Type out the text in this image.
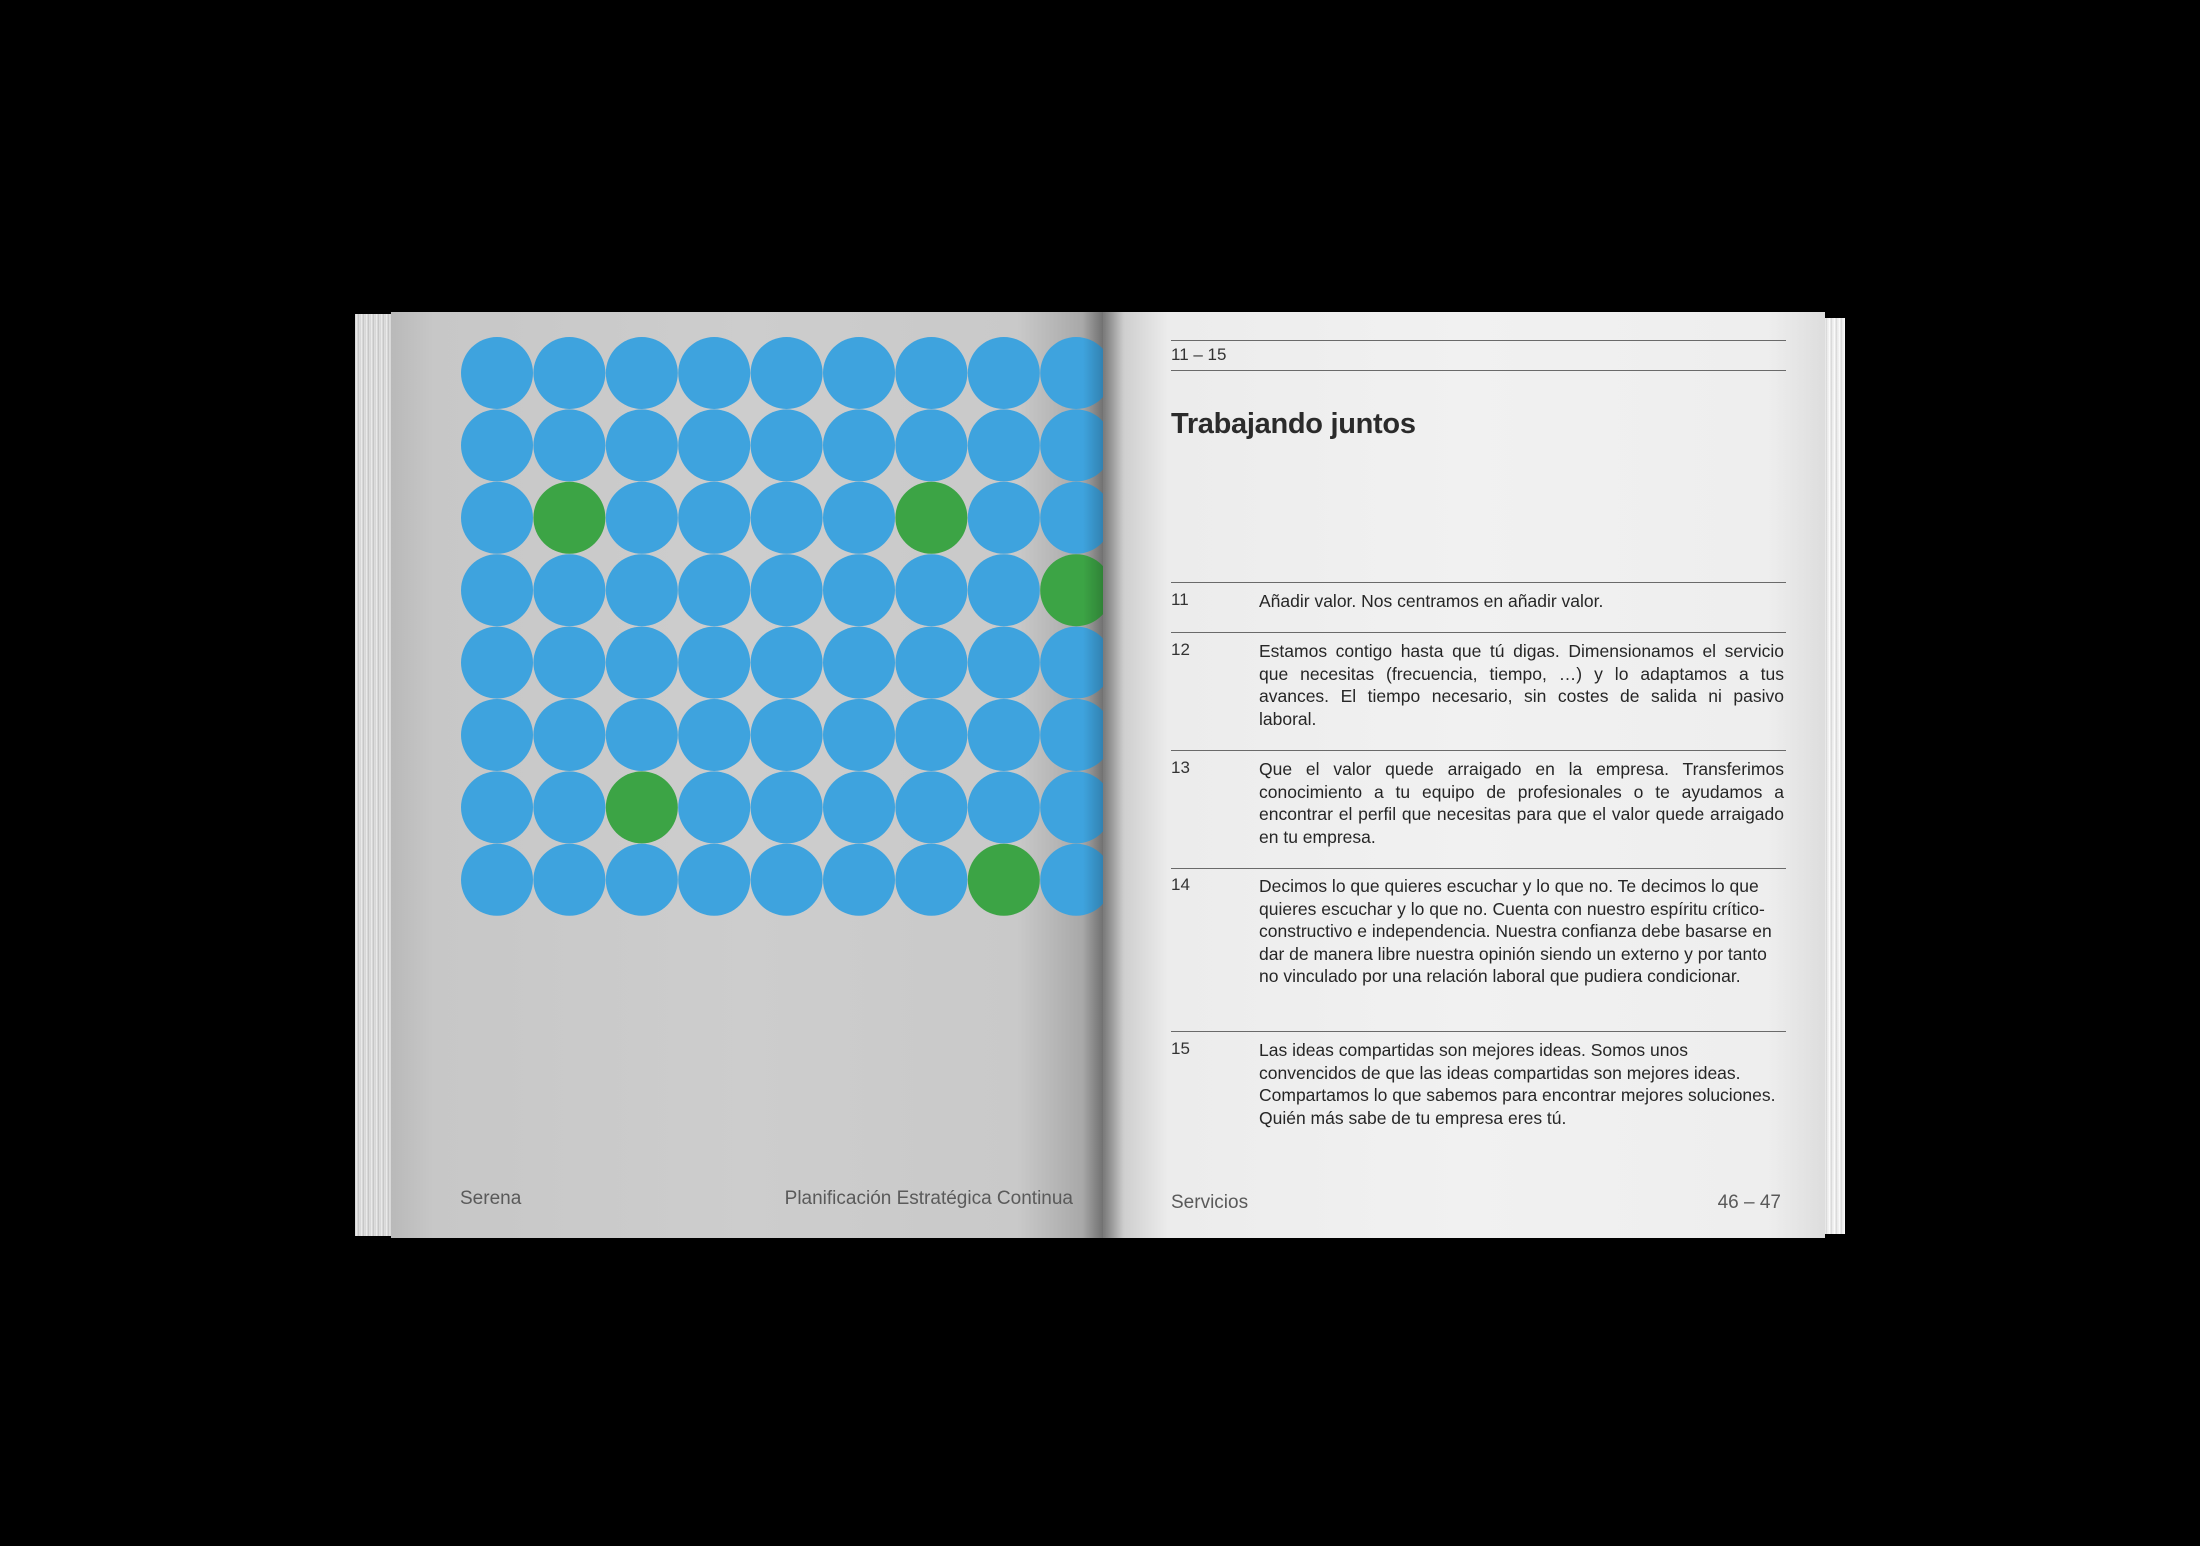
Serena	Planificación Estratégica Continua
11 – 15
Trabajando juntos
11	Añadir valor. Nos centramos en añadir valor.
12	Estamos contigo hasta que tú digas. Dimensionamos el servicio que necesitas (frecuencia, tiempo, …) y lo adaptamos a tus avances. El tiempo necesario, sin costes de salida ni pasivo laboral.
13	Que el valor quede arraigado en la empresa. Transferimos conocimiento a tu equipo de profesionales o te ayudamos a encontrar el perfil que necesitas para que el valor quede arraigado en tu empresa.
14	Decimos lo que quieres escuchar y lo que no. Te decimos lo que quieres escuchar y lo que no. Cuenta con nuestro espíritu crítico-constructivo e independencia. Nuestra confianza debe basarse en dar de manera libre nuestra opinión siendo un externo y por tanto no vinculado por una relación laboral que pudiera condicionar.
15	Las ideas compartidas son mejores ideas. Somos unos convencidos de que las ideas compartidas son mejores ideas. Compartamos lo que sabemos para encontrar mejores soluciones. Quién más sabe de tu empresa eres tú.
Servicios	46 – 47
